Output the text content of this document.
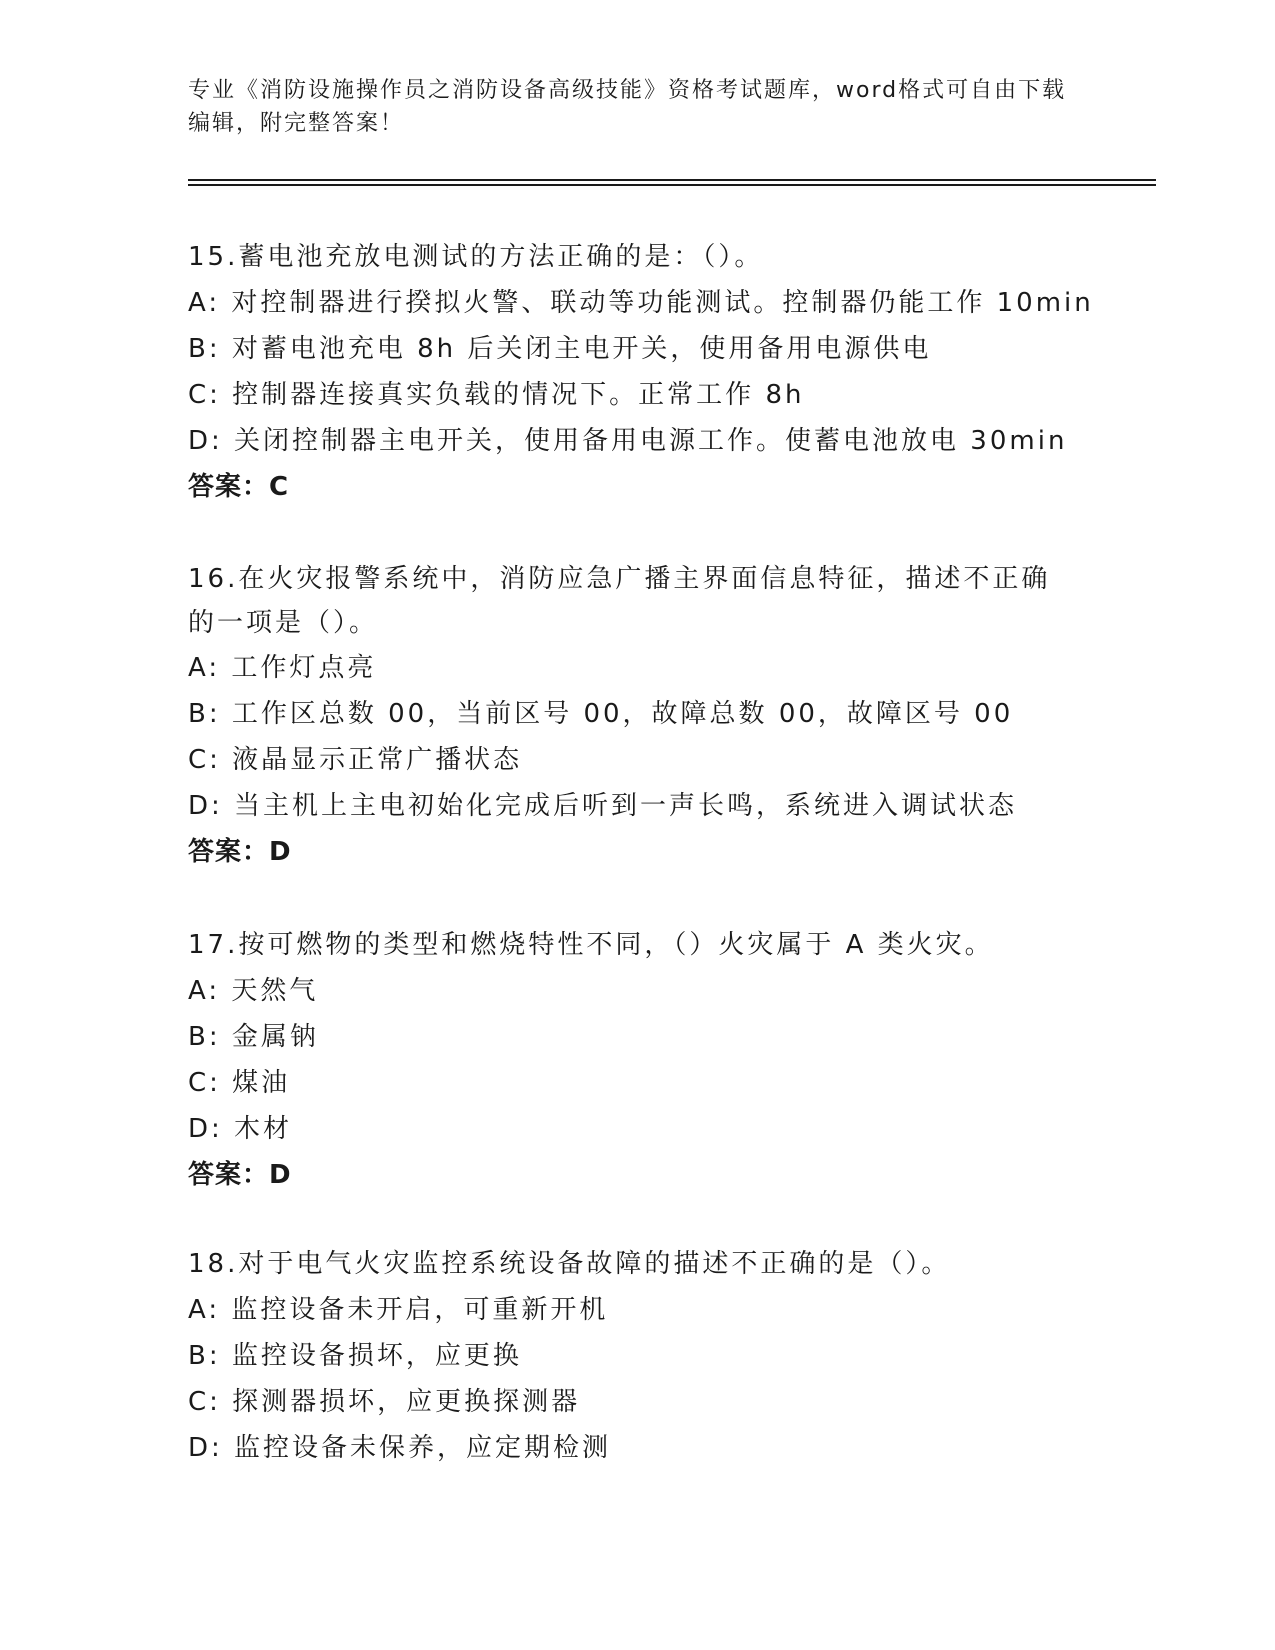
专业《消防设施操作员之消防设备高级技能》资格考试题库，word格式可自由下载编辑，附完整答案！
15.蓄电池充放电测试的方法正确的是：（）。
A: 对控制器进行揆拟火警、联动等功能测试。控制器仍能工作 10min
B: 对蓄电池充电 8h 后关闭主电开关，使用备用电源供电
C: 控制器连接真实负载的情况下。正常工作 8h
D: 关闭控制器主电开关，使用备用电源工作。使蓄电池放电 30min
答案：C
16.在火灾报警系统中，消防应急广播主界面信息特征，描述不正确的一项是（）。
A: 工作灯点亮
B: 工作区总数 00，当前区号 00，故障总数 00，故障区号 00
C: 液晶显示正常广播状态
D: 当主机上主电初始化完成后听到一声长鸣，系统进入调试状态
答案：D
17.按可燃物的类型和燃烧特性不同，（）火灾属于 A 类火灾。
A: 天然气
B: 金属钠
C: 煤油
D: 木材
答案：D
18.对于电气火灾监控系统设备故障的描述不正确的是（）。
A: 监控设备未开启，可重新开机
B: 监控设备损坏，应更换
C: 探测器损坏，应更换探测器
D: 监控设备未保养，应定期检测
